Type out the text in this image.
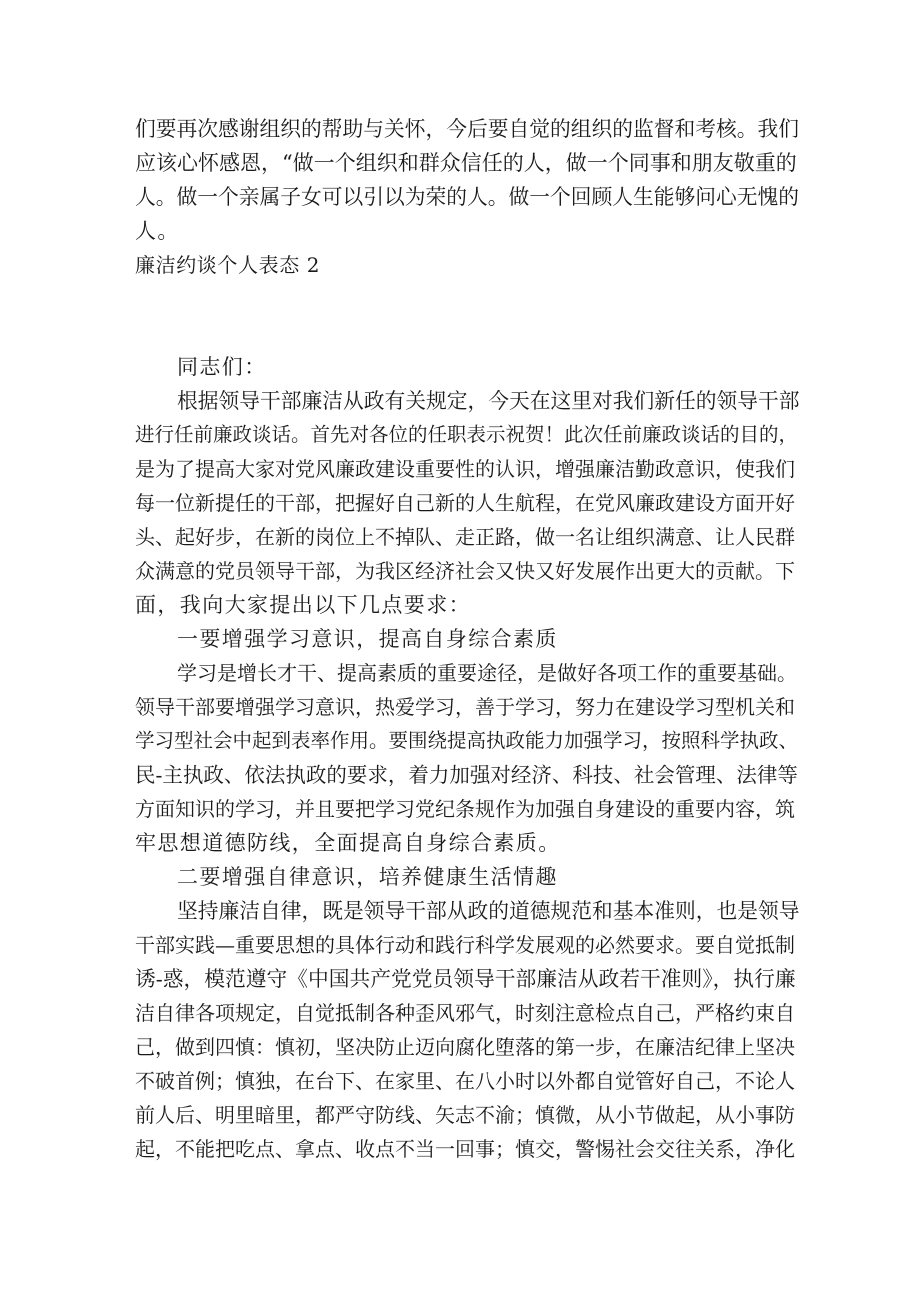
们要再次感谢组织的帮助与关怀，今后要自觉的组织的监督和考核。我们
应该心怀感恩，“做一个组织和群众信任的人，做一个同事和朋友敬重的
人。做一个亲属子女可以引以为荣的人。做一个回顾人生能够问心无愧的
人。
廉洁约谈个人表态 2
同志们：
根据领导干部廉洁从政有关规定，今天在这里对我们新任的领导干部
进行任前廉政谈话。首先对各位的任职表示祝贺！此次任前廉政谈话的目的，
是为了提高大家对党风廉政建设重要性的认识，增强廉洁勤政意识，使我们
每一位新提任的干部，把握好自己新的人生航程，在党风廉政建设方面开好
头、起好步，在新的岗位上不掉队、走正路，做一名让组织满意、让人民群
众满意的党员领导干部，为我区经济社会又快又好发展作出更大的贡献。下
面，我向大家提出以下几点要求：
一要增强学习意识，提高自身综合素质
学习是增长才干、提高素质的重要途径，是做好各项工作的重要基础。
领导干部要增强学习意识，热爱学习，善于学习，努力在建设学习型机关和
学习型社会中起到表率作用。要围绕提高执政能力加强学习，按照科学执政、
民-主执政、依法执政的要求，着力加强对经济、科技、社会管理、法律等
方面知识的学习，并且要把学习党纪条规作为加强自身建设的重要内容，筑
牢思想道德防线，全面提高自身综合素质。
二要增强自律意识，培养健康生活情趣
坚持廉洁自律，既是领导干部从政的道德规范和基本准则，也是领导
干部实践—重要思想的具体行动和践行科学发展观的必然要求。要自觉抵制
诱-惑，模范遵守《中国共产党党员领导干部廉洁从政若干准则》，执行廉
洁自律各项规定，自觉抵制各种歪风邪气，时刻注意检点自己，严格约束自
己，做到四慎：慎初，坚决防止迈向腐化堕落的第一步，在廉洁纪律上坚决
不破首例；慎独，在台下、在家里、在八小时以外都自觉管好自己，不论人
前人后、明里暗里，都严守防线、矢志不渝；慎微，从小节做起，从小事防
起，不能把吃点、拿点、收点不当一回事；慎交，警惕社会交往关系，净化
